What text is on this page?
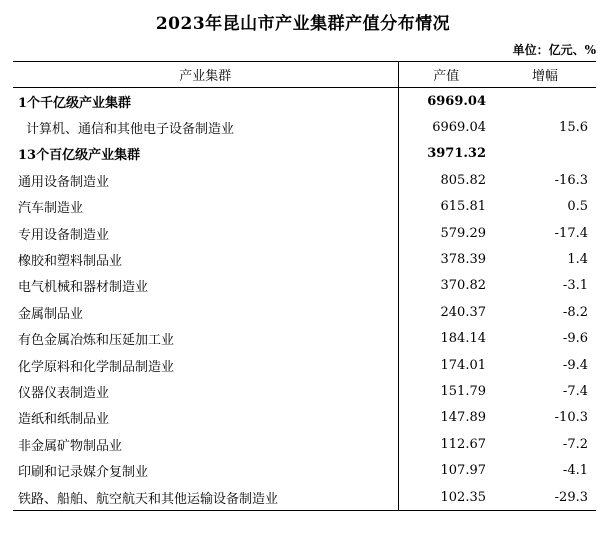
2023年昆山市产业集群产值分布情况
单位：亿元、%
产业集群	产值	增幅
1个千亿级产业集群	6969.04	
计算机、通信和其他电子设备制造业	6969.04	15.6
13个百亿级产业集群	3971.32	
通用设备制造业	805.82	-16.3
汽车制造业	615.81	0.5
专用设备制造业	579.29	-17.4
橡胶和塑料制品业	378.39	1.4
电气机械和器材制造业	370.82	-3.1
金属制品业	240.37	-8.2
有色金属冶炼和压延加工业	184.14	-9.6
化学原料和化学制品制造业	174.01	-9.4
仪器仪表制造业	151.79	-7.4
造纸和纸制品业	147.89	-10.3
非金属矿物制品业	112.67	-7.2
印刷和记录媒介复制业	107.97	-4.1
铁路、船舶、航空航天和其他运输设备制造业	102.35	-29.3
